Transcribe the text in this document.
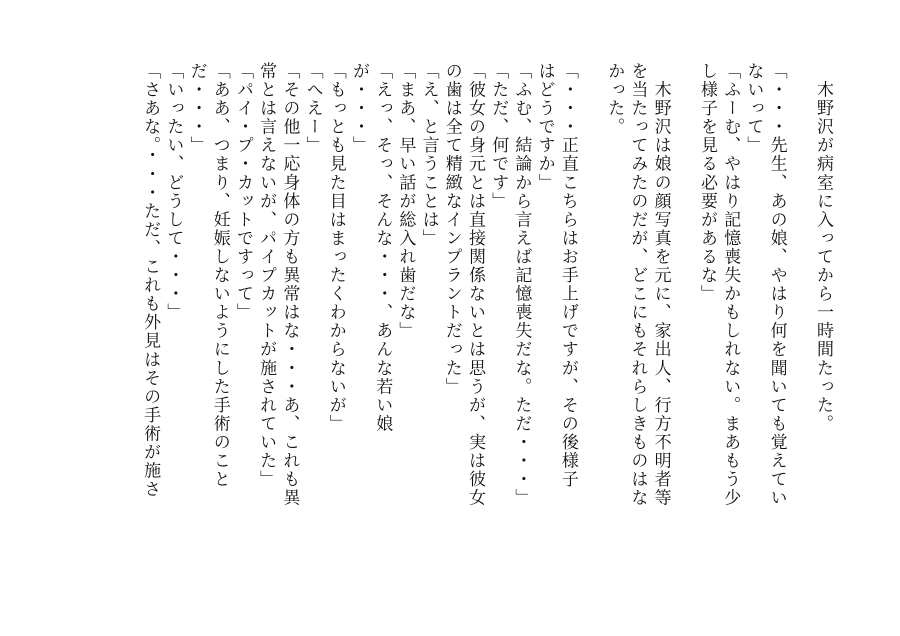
　木野沢が病室に入ってから一時間たった。
「・・・先生、あの娘、やはり何を聞いても覚えてい
ないって」
「ふーむ、やはり記憶喪失かもしれない。まあもう少
し様子を見る必要があるな」
　木野沢は娘の顔写真を元に、家出人、行方不明者等
を当たってみたのだが、どこにもそれらしきものはな
かった。
「・・・正直こちらはお手上げですが、その後様子
はどうですか」
「ふむ、結論から言えば記憶喪失だな。ただ・・・」
「ただ、何です」
「彼女の身元とは直接関係ないとは思うが、実は彼女
の歯は全て精緻なインプラントだった」
「え、と言うことは」
「まあ、早い話が総入れ歯だな」
「えっ、そっ、そんな・・・、あんな若い娘
が・・・」
「もっとも見た目はまったくわからないが」
「へえー」
「その他一応身体の方も異常はな・・・あ、これも異
常とは言えないが、パイプカットが施されていた」
「パイ・プ・カットですって」
「ああ、つまり、妊娠しないようにした手術のこと
だ・・・」
「いったい、どうして・・・」
「さあな。・・・ただ、これも外見はその手術が施さ
